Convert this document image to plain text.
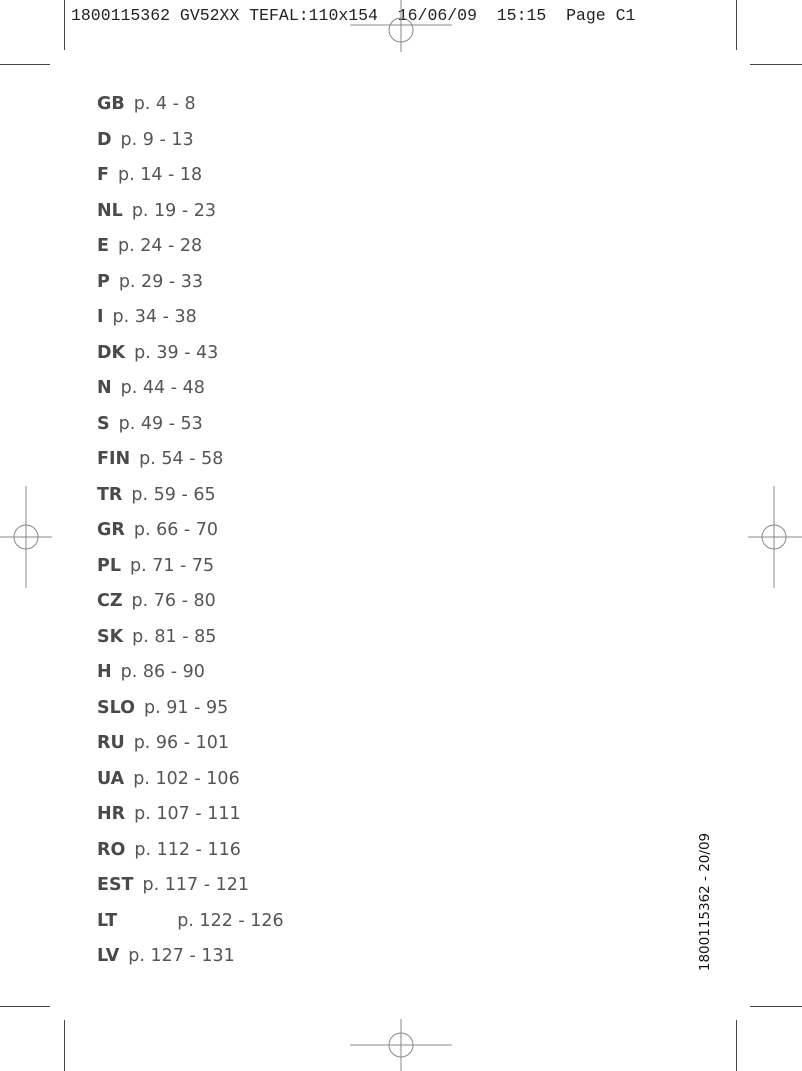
1800115362 GV52XX TEFAL:110x154  16/06/09  15:15  Page C1
GB p. 4 - 8
D p. 9 - 13
F p. 14 - 18
NL p. 19 - 23
E p. 24 - 28
P p. 29 - 33
I p. 34 - 38
DK p. 39 - 43
N p. 44 - 48
S p. 49 - 53
FIN p. 54 - 58
TR p. 59 - 65
GR p. 66 - 70
PL p. 71 - 75
CZ p. 76 - 80
SK p. 81 - 85
H p. 86 - 90
SLO p. 91 - 95
RU p. 96 - 101
UA p. 102 - 106
HR p. 107 - 111
RO p. 112 - 116
EST p. 117 - 121
LT	p. 122 - 126
LV p. 127 - 131	1800115362 - 20/09
